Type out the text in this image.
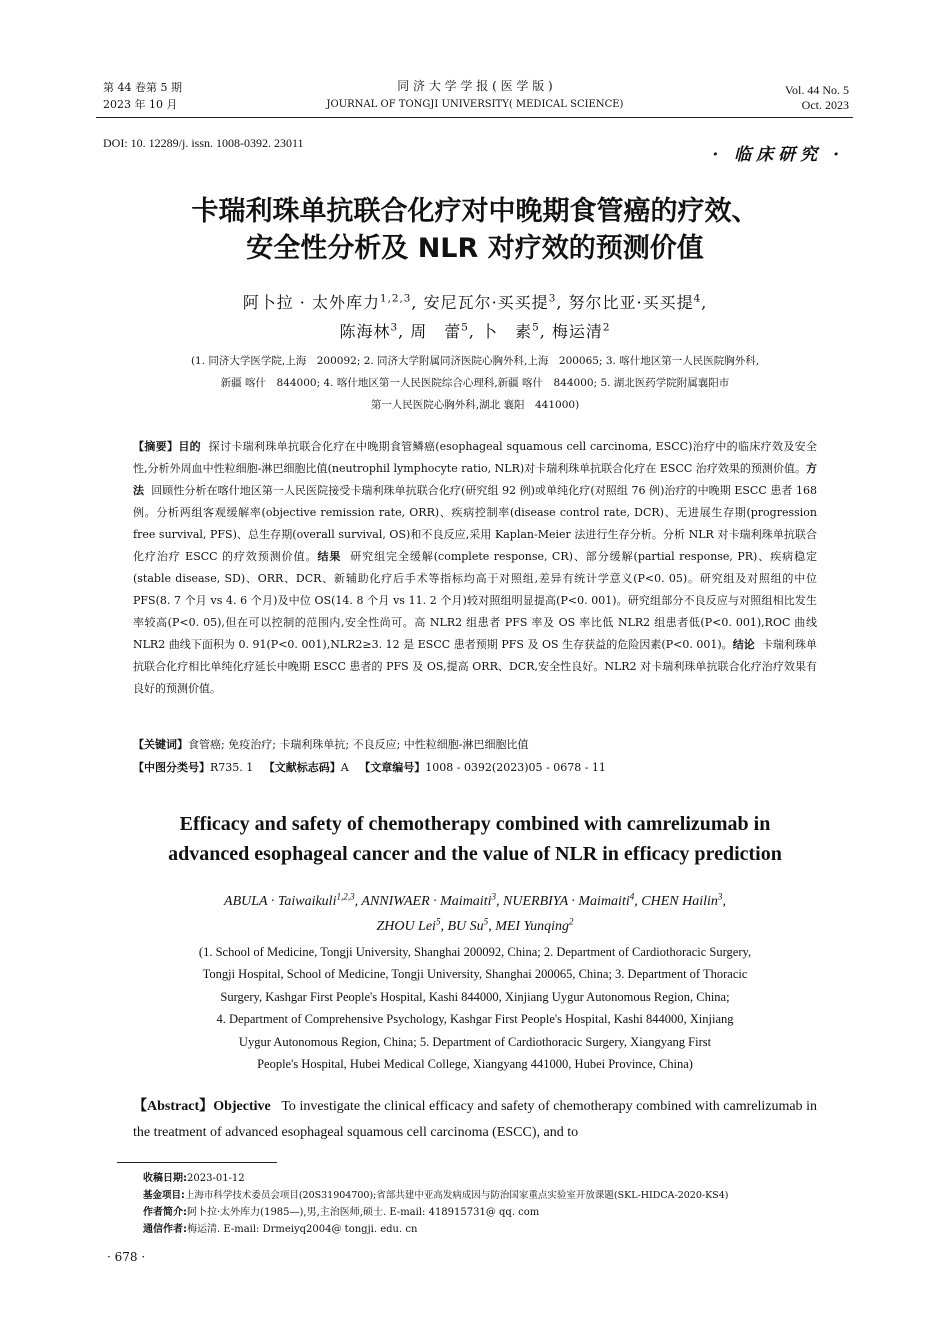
第 44 卷第 5 期
2023 年 10 月
同 济 大 学 学 报 ( 医 学 版 )
JOURNAL OF TONGJI UNIVERSITY( MEDICAL SCIENCE)
Vol. 44 No. 5
Oct. 2023
DOI: 10. 12289/j. issn. 1008-0392. 23011
· 临床研究 ·
卡瑞利珠单抗联合化疗对中晚期食管癌的疗效、
安全性分析及 NLR 对疗效的预测价值
阿卜拉 · 太外库力$^{1,2,3}$, 安尼瓦尔·买买提$^3$, 努尔比亚·买买提$^4$,
陈海林$^3$, 周　蕾$^5$, 卜　素$^5$, 梅运清$^2$
(1. 同济大学医学院,上海　200092; 2. 同济大学附属同济医院心胸外科,上海　200065; 3. 喀什地区第一人民医院胸外科,
新疆 喀什　844000; 4. 喀什地区第一人民医院综合心理科,新疆 喀什　844000; 5. 湖北医药学院附属襄阳市
第一人民医院心胸外科,湖北 襄阳　441000)
【摘要】目的 探讨卡瑞利珠单抗联合化疗在中晚期食管鳞癌(esophageal squamous cell carcinoma, ESCC)治疗中的临床疗效及安全性,分析外周血中性粒细胞-淋巴细胞比值(neutrophil lymphocyte ratio, NLR)对卡瑞利珠单抗联合化疗在 ESCC 治疗效果的预测价值。方法 回顾性分析在喀什地区第一人民医院接受卡瑞利珠单抗联合化疗(研究组 92 例)或单纯化疗(对照组 76 例)治疗的中晚期 ESCC 患者 168 例。分析两组客观缓解率(objective remission rate, ORR)、疾病控制率(disease control rate, DCR)、无进展生存期(progression free survival, PFS)、总生存期(overall survival, OS)和不良反应,采用 Kaplan-Meier 法进行生存分析。分析 NLR 对卡瑞利珠单抗联合化疗治疗 ESCC 的疗效预测价值。结果 研究组完全缓解(complete response, CR)、部分缓解(partial response, PR)、疾病稳定(stable disease, SD)、ORR、DCR、新辅助化疗后手术等指标均高于对照组,差异有统计学意义(P<0. 05)。研究组及对照组的中位 PFS(8. 7 个月 vs 4. 6 个月)及中位 OS(14. 8 个月 vs 11. 2 个月)较对照组明显提高(P<0. 001)。研究组部分不良反应与对照组相比发生率较高(P<0. 05),但在可以控制的范围内,安全性尚可。高 NLR2 组患者 PFS 率及 OS 率比低 NLR2 组患者低(P<0. 001),ROC 曲线 NLR2 曲线下面积为 0. 91(P<0. 001),NLR2≥3. 12 是 ESCC 患者预期 PFS 及 OS 生存获益的危险因素(P<0. 001)。结论 卡瑞利珠单抗联合化疗相比单纯化疗延长中晚期 ESCC 患者的 PFS 及 OS,提高 ORR、DCR,安全性良好。NLR2 对卡瑞利珠单抗联合化疗治疗效果有良好的预测价值。
【关键词】食管癌; 免疫治疗; 卡瑞利珠单抗; 不良反应; 中性粒细胞-淋巴细胞比值
【中图分类号】R735. 1 【文献标志码】A 【文章编号】1008 - 0392(2023)05 - 0678 - 11
Efficacy and safety of chemotherapy combined with camrelizumab in
advanced esophageal cancer and the value of NLR in efficacy prediction
ABULA · Taiwaikuli$^{1,2,3}$, ANNIWAER · Maimaiti$^3$, NUERBIYA · Maimaiti$^4$, CHEN Hailin$^3$,
ZHOU Lei$^5$, BU Su$^5$, MEI Yunqing$^2$
(1. School of Medicine, Tongji University, Shanghai 200092, China; 2. Department of Cardiothoracic Surgery,
Tongji Hospital, School of Medicine, Tongji University, Shanghai 200065, China; 3. Department of Thoracic
Surgery, Kashgar First People's Hospital, Kashi 844000, Xinjiang Uygur Autonomous Region, China;
4. Department of Comprehensive Psychology, Kashgar First People's Hospital, Kashi 844000, Xinjiang
Uygur Autonomous Region, China; 5. Department of Cardiothoracic Surgery, Xiangyang First
People's Hospital, Hubei Medical College, Xiangyang 441000, Hubei Province, China)
【Abstract】Objective To investigate the clinical efficacy and safety of chemotherapy combined with camrelizumab in the treatment of advanced esophageal squamous cell carcinoma (ESCC), and to
收稿日期:2023-01-12
基金项目:上海市科学技术委员会项目(20S31904700);省部共建中亚高发病成因与防治国家重点实验室开放课题(SKL-HIDCA-2020-KS4)
作者简介:阿卜拉·太外库力(1985—),男,主治医师,硕士. E-mail: 418915731@ qq. com
通信作者:梅运清. E-mail: Drmeiyq2004@ tongji. edu. cn
· 678 ·
